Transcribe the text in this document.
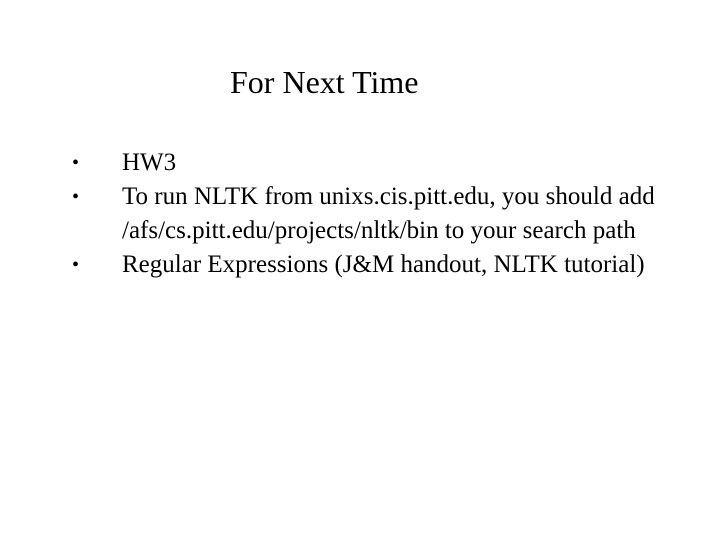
For Next Time
• HW3
• To run NLTK from unixs.cis.pitt.edu, you should add /afs/cs.pitt.edu/projects/nltk/bin to your search path
• Regular Expressions (J&M handout, NLTK tutorial)
